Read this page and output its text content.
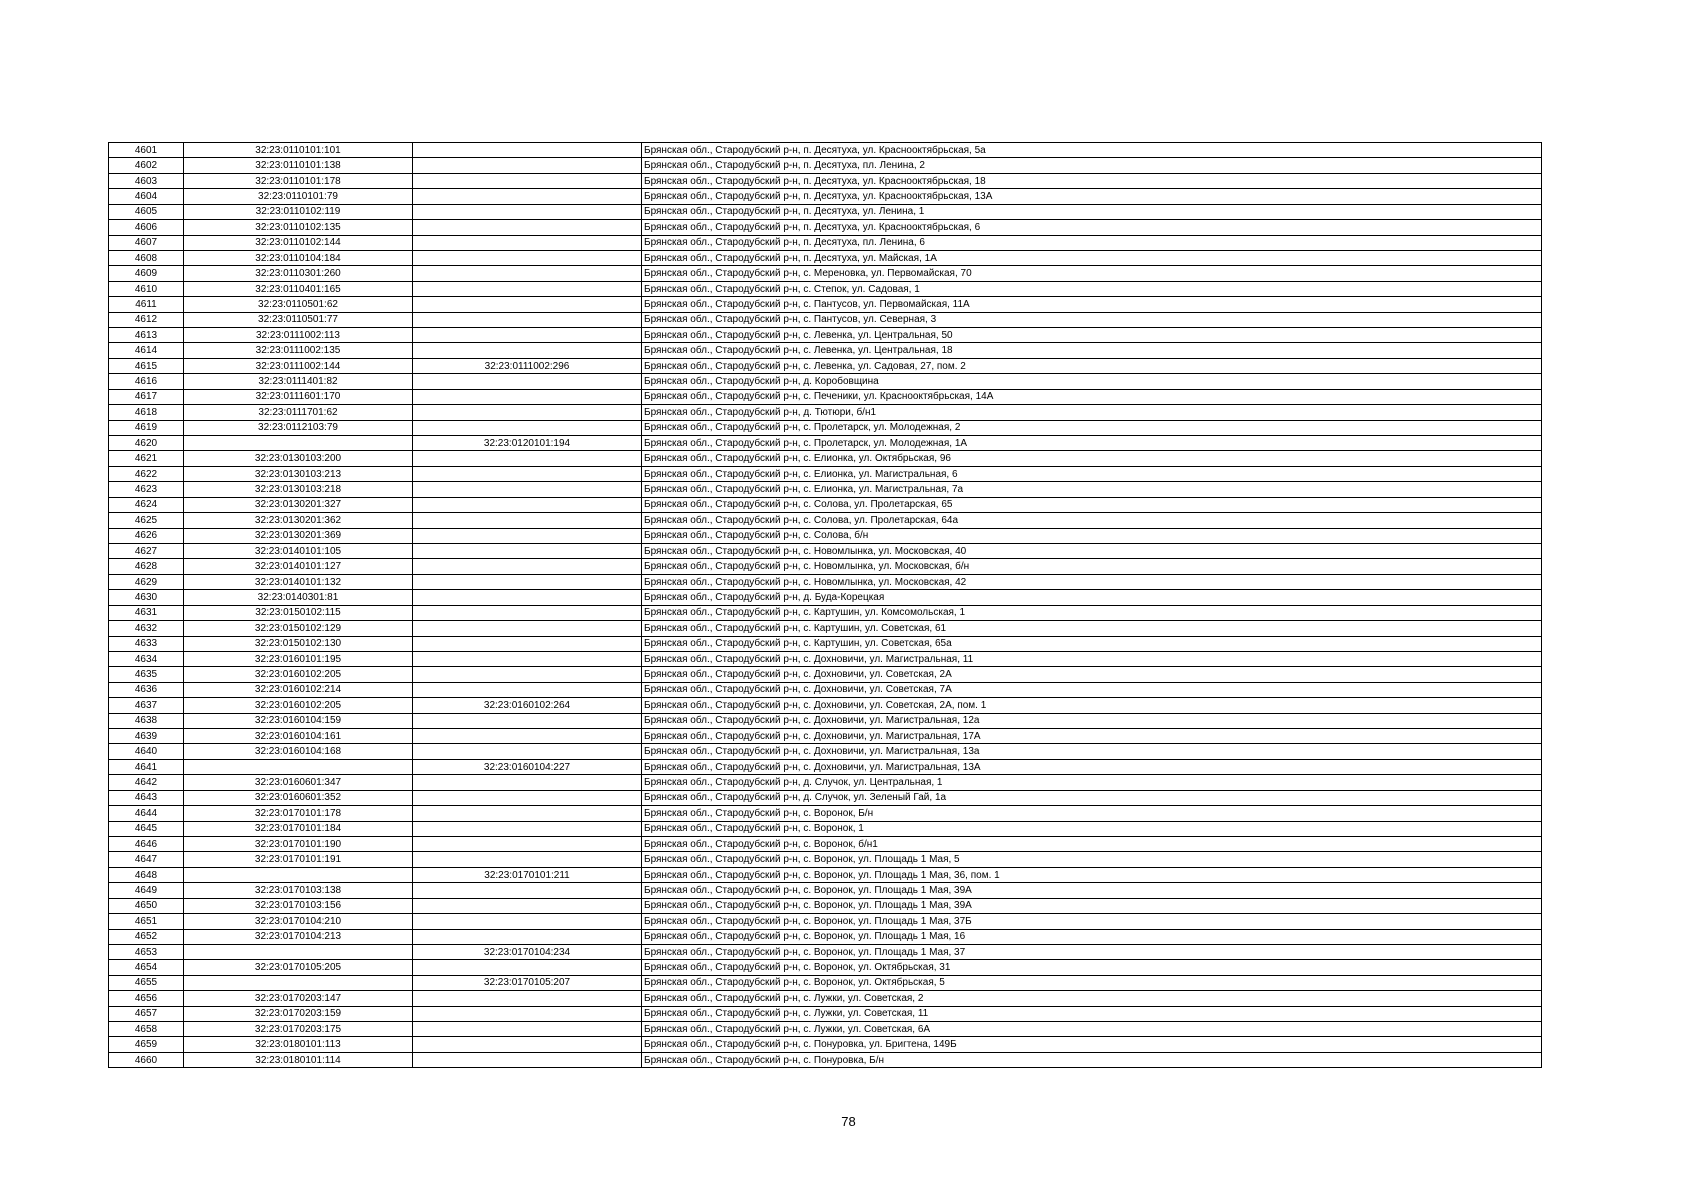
4601	32:23:0110101:101		Брянская обл., Стародубский р-н, п. Десятуха, ул. Краснооктябрьская, 5а
4602	32:23:0110101:138		Брянская обл., Стародубский р-н, п. Десятуха, пл. Ленина, 2
4603	32:23:0110101:178		Брянская обл., Стародубский р-н, п. Десятуха, ул. Краснооктябрьская, 18
4604	32:23:0110101:79		Брянская обл., Стародубский р-н, п. Десятуха, ул. Краснооктябрьская, 13А
4605	32:23:0110102:119		Брянская обл., Стародубский р-н, п. Десятуха, ул. Ленина, 1
4606	32:23:0110102:135		Брянская обл., Стародубский р-н, п. Десятуха, ул. Краснооктябрьская, 6
4607	32:23:0110102:144		Брянская обл., Стародубский р-н, п. Десятуха, пл. Ленина, 6
4608	32:23:0110104:184		Брянская обл., Стародубский р-н, п. Десятуха, ул. Майская, 1А
4609	32:23:0110301:260		Брянская обл., Стародубский р-н, с. Мереновка, ул. Первомайская, 70
4610	32:23:0110401:165		Брянская обл., Стародубский р-н, с. Степок, ул. Садовая, 1
4611	32:23:0110501:62		Брянская обл., Стародубский р-н, с. Пантусов, ул. Первомайская, 11А
4612	32:23:0110501:77		Брянская обл., Стародубский р-н, с. Пантусов, ул. Северная, 3
4613	32:23:0111002:113		Брянская обл., Стародубский р-н, с. Левенка, ул. Центральная, 50
4614	32:23:0111002:135		Брянская обл., Стародубский р-н, с. Левенка, ул. Центральная, 18
4615	32:23:0111002:144	32:23:0111002:296	Брянская обл., Стародубский р-н, с. Левенка, ул. Садовая, 27, пом. 2
4616	32:23:0111401:82		Брянская обл., Стародубский р-н, д. Коробовщина
4617	32:23:0111601:170		Брянская обл., Стародубский р-н, с. Печеники, ул. Краснооктябрьская, 14А
4618	32:23:0111701:62		Брянская обл., Стародубский р-н, д. Тютюри, б/н1
4619	32:23:0112103:79		Брянская обл., Стародубский р-н, с. Пролетарск, ул. Молодежная, 2
4620		32:23:0120101:194	Брянская обл., Стародубский р-н, с. Пролетарск, ул. Молодежная, 1А
4621	32:23:0130103:200		Брянская обл., Стародубский р-н, с. Елионка, ул. Октябрьская, 96
4622	32:23:0130103:213		Брянская обл., Стародубский р-н, с. Елионка, ул. Магистральная, 6
4623	32:23:0130103:218		Брянская обл., Стародубский р-н, с. Елионка, ул. Магистральная, 7а
4624	32:23:0130201:327		Брянская обл., Стародубский р-н, с. Солова, ул. Пролетарская, 65
4625	32:23:0130201:362		Брянская обл., Стародубский р-н, с. Солова, ул. Пролетарская, 64а
4626	32:23:0130201:369		Брянская обл., Стародубский р-н, с. Солова, б/н
4627	32:23:0140101:105		Брянская обл., Стародубский р-н, с. Новомлынка, ул. Московская, 40
4628	32:23:0140101:127		Брянская обл., Стародубский р-н, с. Новомлынка, ул. Московская, б/н
4629	32:23:0140101:132		Брянская обл., Стародубский р-н, с. Новомлынка, ул. Московская, 42
4630	32:23:0140301:81		Брянская обл., Стародубский р-н, д. Буда-Корецкая
4631	32:23:0150102:115		Брянская обл., Стародубский р-н, с. Картушин, ул. Комсомольская, 1
4632	32:23:0150102:129		Брянская обл., Стародубский р-н, с. Картушин, ул. Советская, 61
4633	32:23:0150102:130		Брянская обл., Стародубский р-н, с. Картушин, ул. Советская, 65а
4634	32:23:0160101:195		Брянская обл., Стародубский р-н, с. Дохновичи, ул. Магистральная, 11
4635	32:23:0160102:205		Брянская обл., Стародубский р-н, с. Дохновичи, ул. Советская, 2А
4636	32:23:0160102:214		Брянская обл., Стародубский р-н, с. Дохновичи, ул. Советская, 7А
4637	32:23:0160102:205	32:23:0160102:264	Брянская обл., Стародубский р-н, с. Дохновичи, ул. Советская, 2А, пом. 1
4638	32:23:0160104:159		Брянская обл., Стародубский р-н, с. Дохновичи, ул. Магистральная, 12а
4639	32:23:0160104:161		Брянская обл., Стародубский р-н, с. Дохновичи, ул. Магистральная, 17А
4640	32:23:0160104:168		Брянская обл., Стародубский р-н, с. Дохновичи, ул. Магистральная, 13а
4641		32:23:0160104:227	Брянская обл., Стародубский р-н, с. Дохновичи, ул. Магистральная, 13А
4642	32:23:0160601:347		Брянская обл., Стародубский р-н, д. Случок, ул. Центральная, 1
4643	32:23:0160601:352		Брянская обл., Стародубский р-н, д. Случок, ул. Зеленый Гай, 1а
4644	32:23:0170101:178		Брянская обл., Стародубский р-н, с. Воронок, Б/н
4645	32:23:0170101:184		Брянская обл., Стародубский р-н, с. Воронок, 1
4646	32:23:0170101:190		Брянская обл., Стародубский р-н, с. Воронок, б/н1
4647	32:23:0170101:191		Брянская обл., Стародубский р-н, с. Воронок, ул. Площадь 1 Мая, 5
4648		32:23:0170101:211	Брянская обл., Стародубский р-н, с. Воронок, ул. Площадь 1 Мая, 36, пом. 1
4649	32:23:0170103:138		Брянская обл., Стародубский р-н, с. Воронок, ул. Площадь 1 Мая, 39А
4650	32:23:0170103:156		Брянская обл., Стародубский р-н, с. Воронок, ул. Площадь 1 Мая, 39А
4651	32:23:0170104:210		Брянская обл., Стародубский р-н, с. Воронок, ул. Площадь 1 Мая, 37Б
4652	32:23:0170104:213		Брянская обл., Стародубский р-н, с. Воронок, ул. Площадь 1 Мая, 16
4653		32:23:0170104:234	Брянская обл., Стародубский р-н, с. Воронок, ул. Площадь 1 Мая, 37
4654	32:23:0170105:205		Брянская обл., Стародубский р-н, с. Воронок, ул. Октябрьская, 31
4655		32:23:0170105:207	Брянская обл., Стародубский р-н, с. Воронок, ул. Октябрьская, 5
4656	32:23:0170203:147		Брянская обл., Стародубский р-н, с. Лужки, ул. Советская, 2
4657	32:23:0170203:159		Брянская обл., Стародубский р-н, с. Лужки, ул. Советская, 11
4658	32:23:0170203:175		Брянская обл., Стародубский р-н, с. Лужки, ул. Советская, 6А
4659	32:23:0180101:113		Брянская обл., Стародубский р-н, с. Понуровка, ул. Бригтена, 149Б
4660	32:23:0180101:114		Брянская обл., Стародубский р-н, с. Понуровка, Б/н
78
